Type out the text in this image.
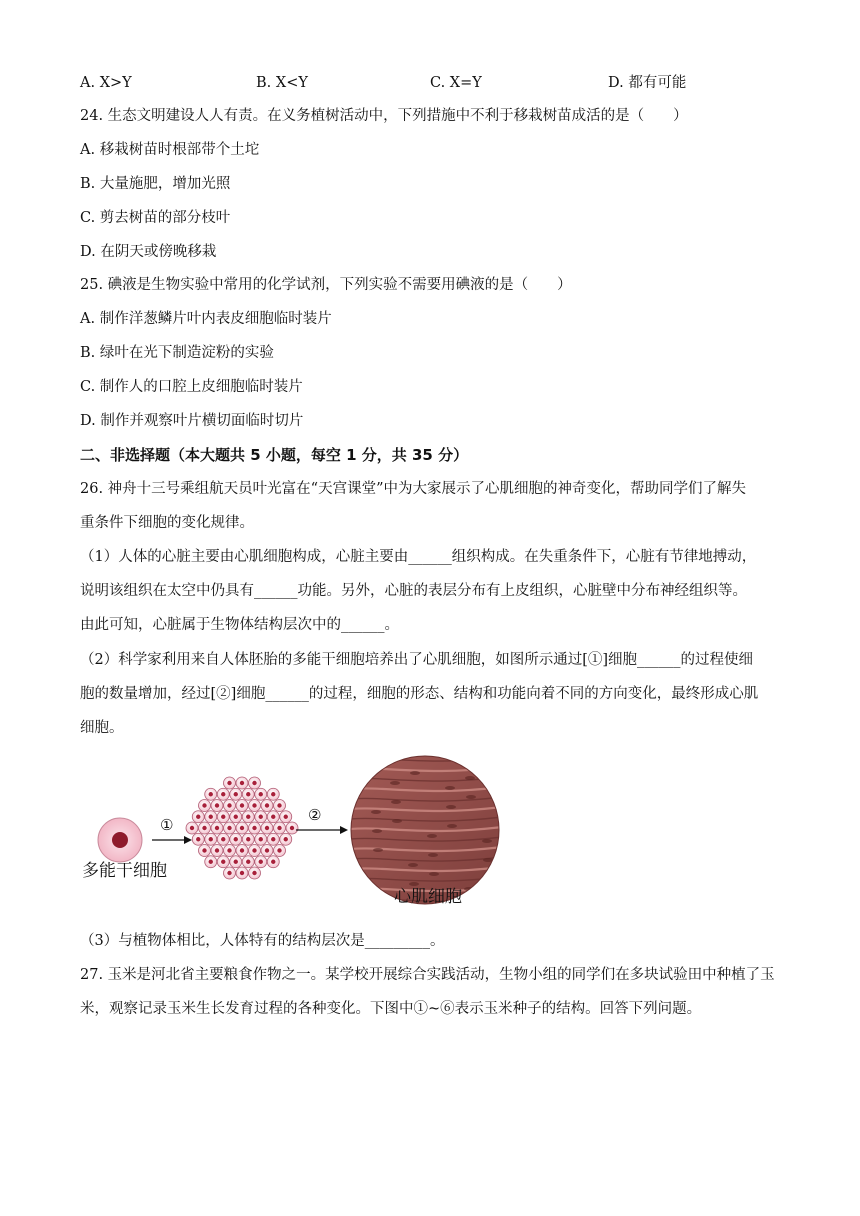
A. X>Y	B. X<Y	C. X=Y	D. 都有可能
24. 生态文明建设人人有责。在义务植树活动中，下列措施中不利于移栽树苗成活的是（　　）
A. 移栽树苗时根部带个土坨
B. 大量施肥，增加光照
C. 剪去树苗的部分枝叶
D. 在阴天或傍晚移栽
25. 碘液是生物实验中常用的化学试剂，下列实验不需要用碘液的是（　　）
A. 制作洋葱鳞片叶内表皮细胞临时装片
B. 绿叶在光下制造淀粉的实验
C. 制作人的口腔上皮细胞临时装片
D. 制作并观察叶片横切面临时切片
二、非选择题（本大题共 5 小题，每空 1 分，共 35 分）
26. 神舟十三号乘组航天员叶光富在“天宫课堂”中为大家展示了心肌细胞的神奇变化，帮助同学们了解失
重条件下细胞的变化规律。
（1）人体的心脏主要由心肌细胞构成，心脏主要由______组织构成。在失重条件下，心脏有节律地搏动，
说明该组织在太空中仍具有______功能。另外，心脏的表层分布有上皮组织，心脏壁中分布神经组织等。
由此可知，心脏属于生物体结构层次中的______。
（2）科学家利用来自人体胚胎的多能干细胞培养出了心肌细胞，如图所示通过[①]细胞______的过程使细
胞的数量增加，经过[②]细胞______的过程，细胞的形态、结构和功能向着不同的方向变化，最终形成心肌
细胞。
①
②
多能干细胞
心肌细胞
（3）与植物体相比，人体特有的结构层次是_________。
27. 玉米是河北省主要粮食作物之一。某学校开展综合实践活动，生物小组的同学们在多块试验田中种植了玉
米，观察记录玉米生长发育过程的各种变化。下图中①~⑥表示玉米种子的结构。回答下列问题。
